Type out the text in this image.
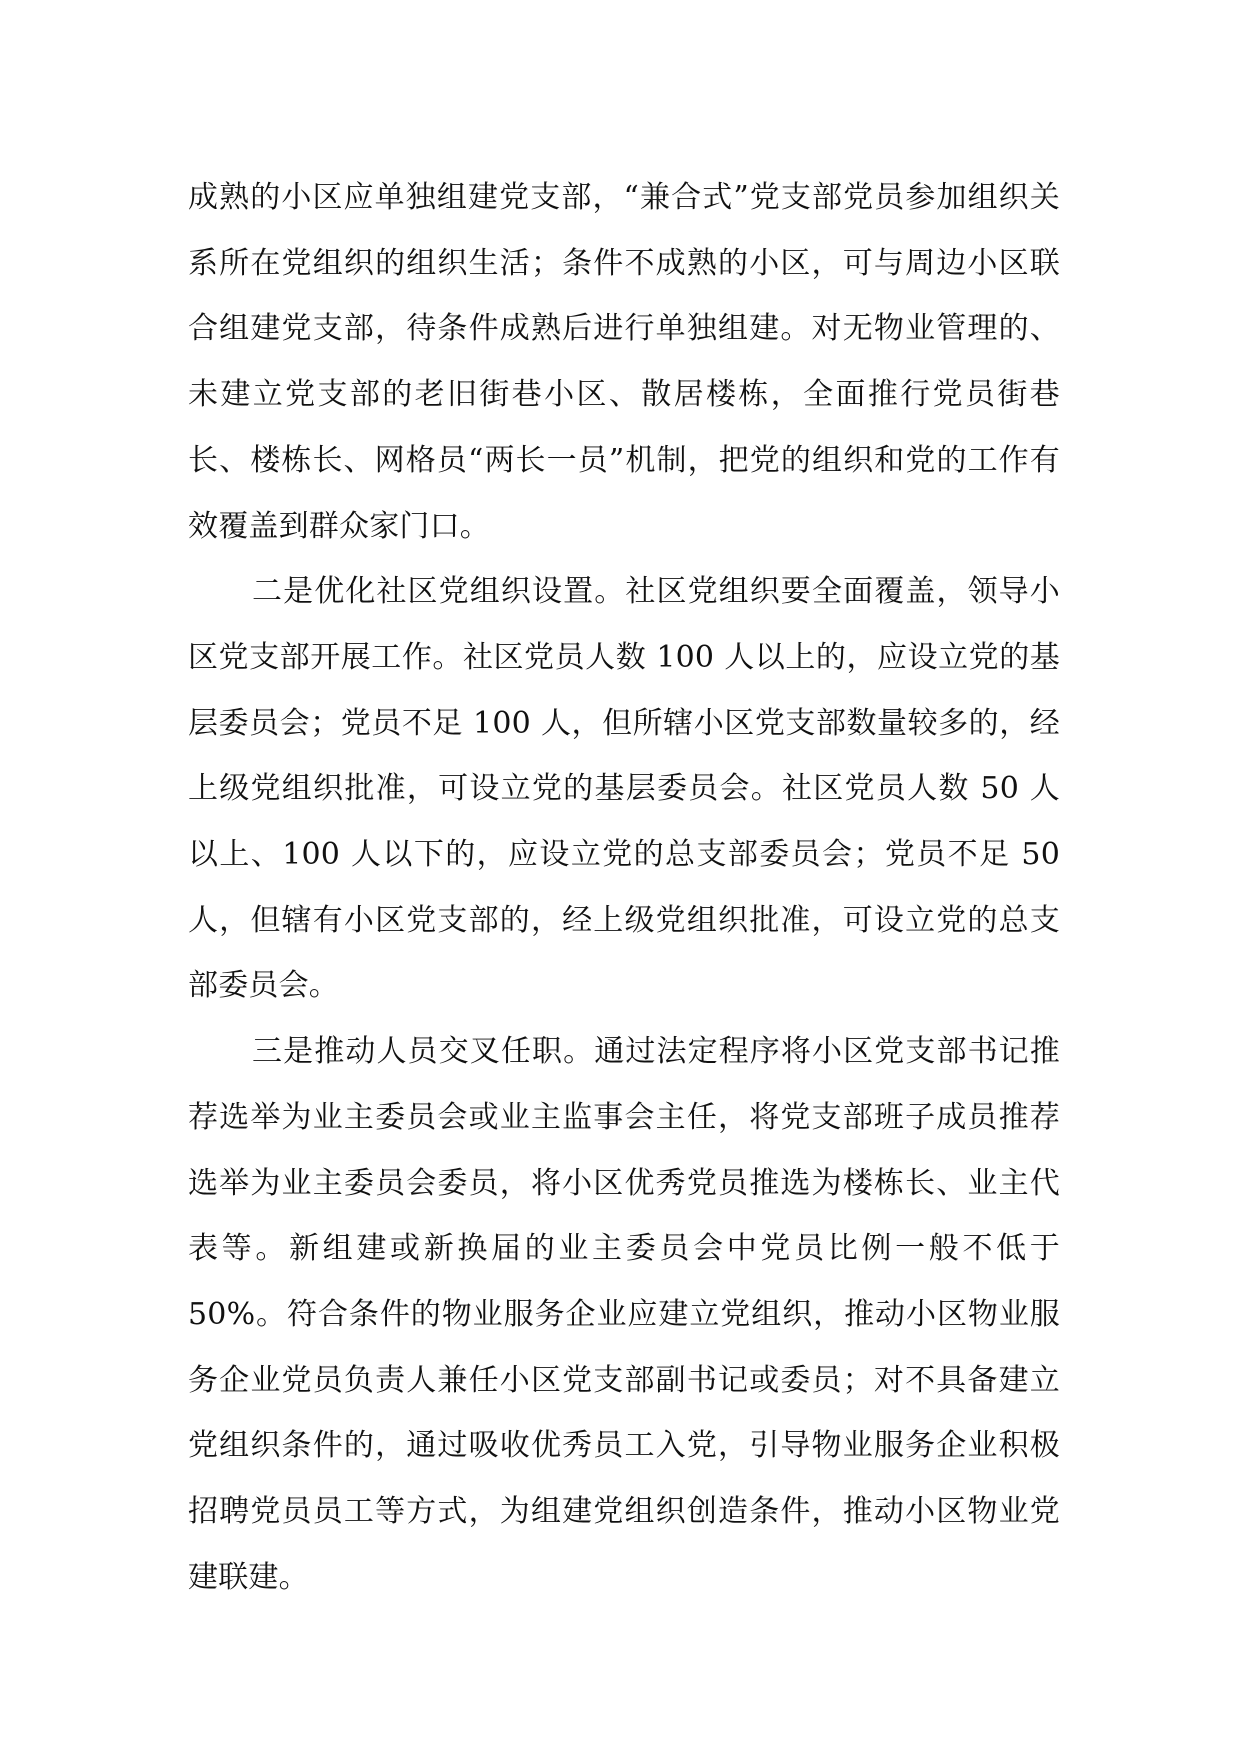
成熟的小区应单独组建党支部，“兼合式”党支部党员参加组织关系所在党组织的组织生活；条件不成熟的小区，可与周边小区联合组建党支部，待条件成熟后进行单独组建。对无物业管理的、未建立党支部的老旧街巷小区、散居楼栋，全面推行党员街巷长、楼栋长、网格员“两长一员”机制，把党的组织和党的工作有效覆盖到群众家门口。

二是优化社区党组织设置。社区党组织要全面覆盖，领导小区党支部开展工作。社区党员人数 100 人以上的，应设立党的基层委员会；党员不足 100 人，但所辖小区党支部数量较多的，经上级党组织批准，可设立党的基层委员会。社区党员人数 50 人以上、100 人以下的，应设立党的总支部委员会；党员不足 50 人，但辖有小区党支部的，经上级党组织批准，可设立党的总支部委员会。

三是推动人员交叉任职。通过法定程序将小区党支部书记推荐选举为业主委员会或业主监事会主任，将党支部班子成员推荐选举为业主委员会委员，将小区优秀党员推选为楼栋长、业主代表等。新组建或新换届的业主委员会中党员比例一般不低于 50%。符合条件的物业服务企业应建立党组织，推动小区物业服务企业党员负责人兼任小区党支部副书记或委员；对不具备建立党组织条件的，通过吸收优秀员工入党，引导物业服务企业积极招聘党员员工等方式，为组建党组织创造条件，推动小区物业党建联建。
